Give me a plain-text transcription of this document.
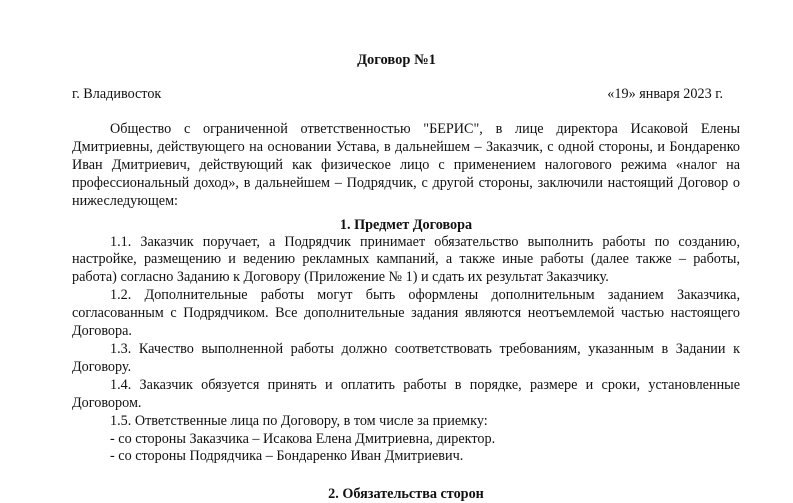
Договор №1
г. Владивосток	«19» января 2023 г.

Общество с ограниченной ответственностью "БЕРИС", в лице директора Исаковой Елены Дмитриевны, действующего на основании Устава, в дальнейшем – Заказчик, с одной стороны, и Бондаренко Иван Дмитриевич, действующий как физическое лицо с применением налогового режима «налог на профессиональный доход», в дальнейшем – Подрядчик, с другой стороны, заключили настоящий Договор о нижеследующем:

1. Предмет Договора

1.1. Заказчик поручает, а Подрядчик принимает обязательство выполнить работы по созданию, настройке, размещению и ведению рекламных кампаний, а также иные работы (далее также – работы, работа) согласно Заданию к Договору (Приложение № 1) и сдать их результат Заказчику.

1.2. Дополнительные работы могут быть оформлены дополнительным заданием Заказчика, согласованным с Подрядчиком. Все дополнительные задания являются неотъемлемой частью настоящего Договора.

1.3. Качество выполненной работы должно соответствовать требованиям, указанным в Задании к Договору.

1.4. Заказчик обязуется принять и оплатить работы в порядке, размере и сроки, установленные Договором.

1.5. Ответственные лица по Договору, в том числе за приемку:

- со стороны Заказчика – Исакова Елена Дмитриевна, директор.

- со стороны Подрядчика – Бондаренко Иван Дмитриевич.

2. Обязательства сторон
